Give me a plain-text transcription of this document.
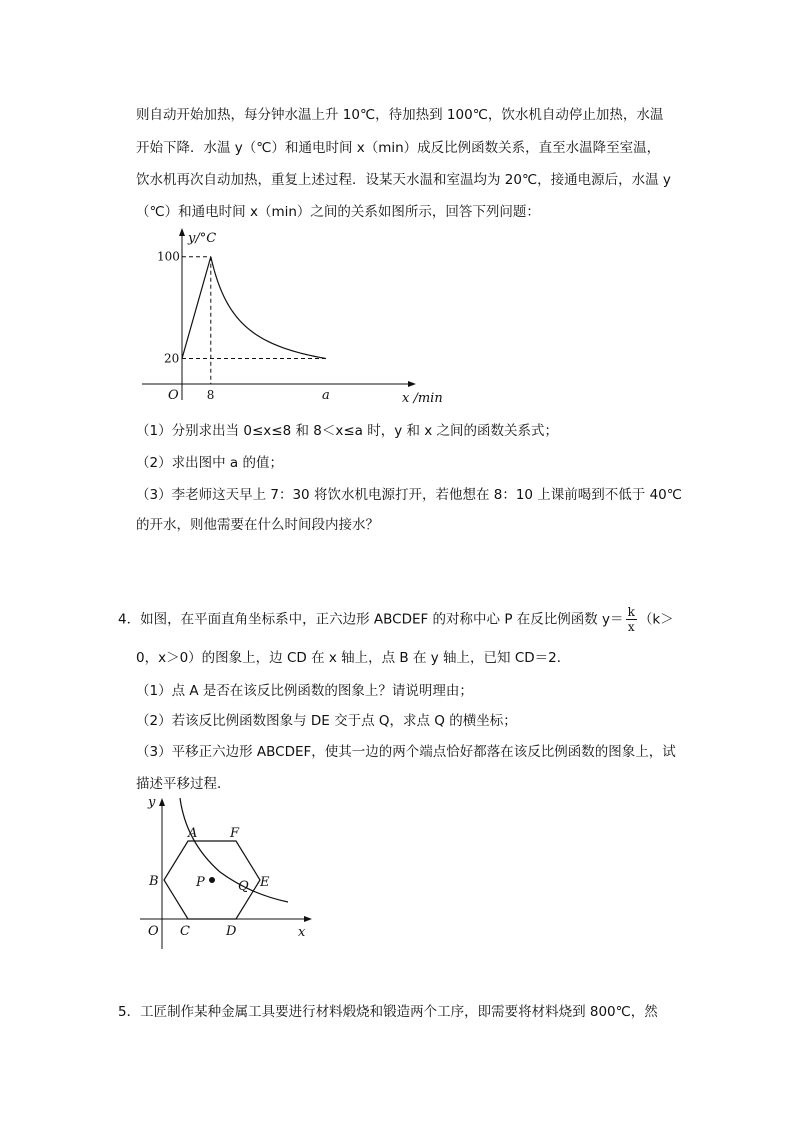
则自动开始加热，每分钟水温上升 10℃，待加热到 100℃，饮水机自动停止加热，水温
开始下降．水温 y（℃）和通电时间 x（min）成反比例函数关系，直至水温降至室温，
饮水机再次自动加热，重复上述过程．设某天水温和室温均为 20℃，接通电源后，水温 y
（℃）和通电时间 x（min）之间的关系如图所示，回答下列问题：
y/°C
x /min
O
100
20
8	a
（1）分别求出当 0≤x≤8 和 8＜x≤a 时，y 和 x 之间的函数关系式；
（2）求出图中 a 的值；
（3）李老师这天早上 7：30 将饮水机电源打开，若他想在 8：10 上课前喝到不低于 40℃
的开水，则他需要在什么时间段内接水？
4．如图，在平面直角坐标系中，正六边形 ABCDEF 的对称中心 P 在反比例函数 $y= \frac{k}{x} (k>$
0，x＞0）的图象上，边 CD 在 x 轴上，点 B 在 y 轴上，已知 CD＝2．
（1）点 A 是否在该反比例函数的图象上？请说明理由；
（2）若该反比例函数图象与 DE 交于点 Q，求点 Q 的横坐标；
（3）平移正六边形 ABCDEF，使其一边的两个端点恰好都落在该反比例函数的图象上，试
描述平移过程．
y
x
O
A	F
B	P	Q E
C	D
5．工匠制作某种金属工具要进行材料煅烧和锻造两个工序，即需要将材料烧到 800℃，然
